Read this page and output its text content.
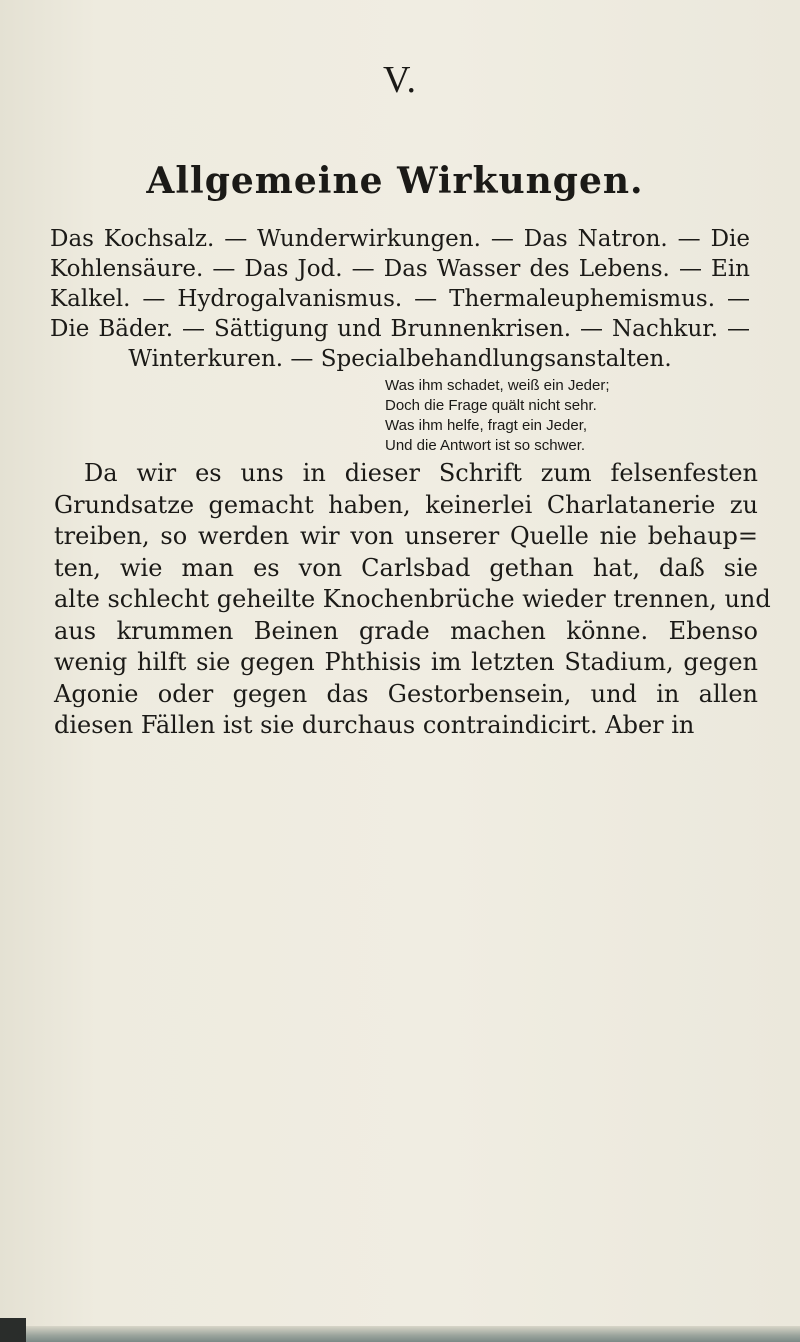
V.
Allgemeine Wirkungen.
Das Kochsalz. — Wunderwirkungen. — Das Natron. — Die Kohlensäure. — Das Jod. — Das Wasser des Lebens. — Ein Kalkel. — Hydrogalvanismus. — Thermaleuphemismus. — Die Bäder. — Sättigung und Brunnenkrisen. — Nachkur. — Winterkuren. — Specialbehandlungsanstalten.
Was ihm schadet, weiß ein Jeder;
Doch die Frage quält nicht sehr.
Was ihm helfe, fragt ein Jeder,
Und die Antwort ist so schwer.
Da wir es uns in dieser Schrift zum felsenfesten
Grundsatze gemacht haben, keinerlei Charlatanerie zu
treiben, so werden wir von unserer Quelle nie behaup=
ten, wie man es von Carlsbad gethan hat, daß sie
alte schlecht geheilte Knochenbrüche wieder trennen, und
aus krummen Beinen grade machen könne. Ebenso
wenig hilft sie gegen Phthisis im letzten Stadium, gegen
Agonie oder gegen das Gestorbensein, und in allen
diesen Fällen ist sie durchaus contraindicirt. Aber in
